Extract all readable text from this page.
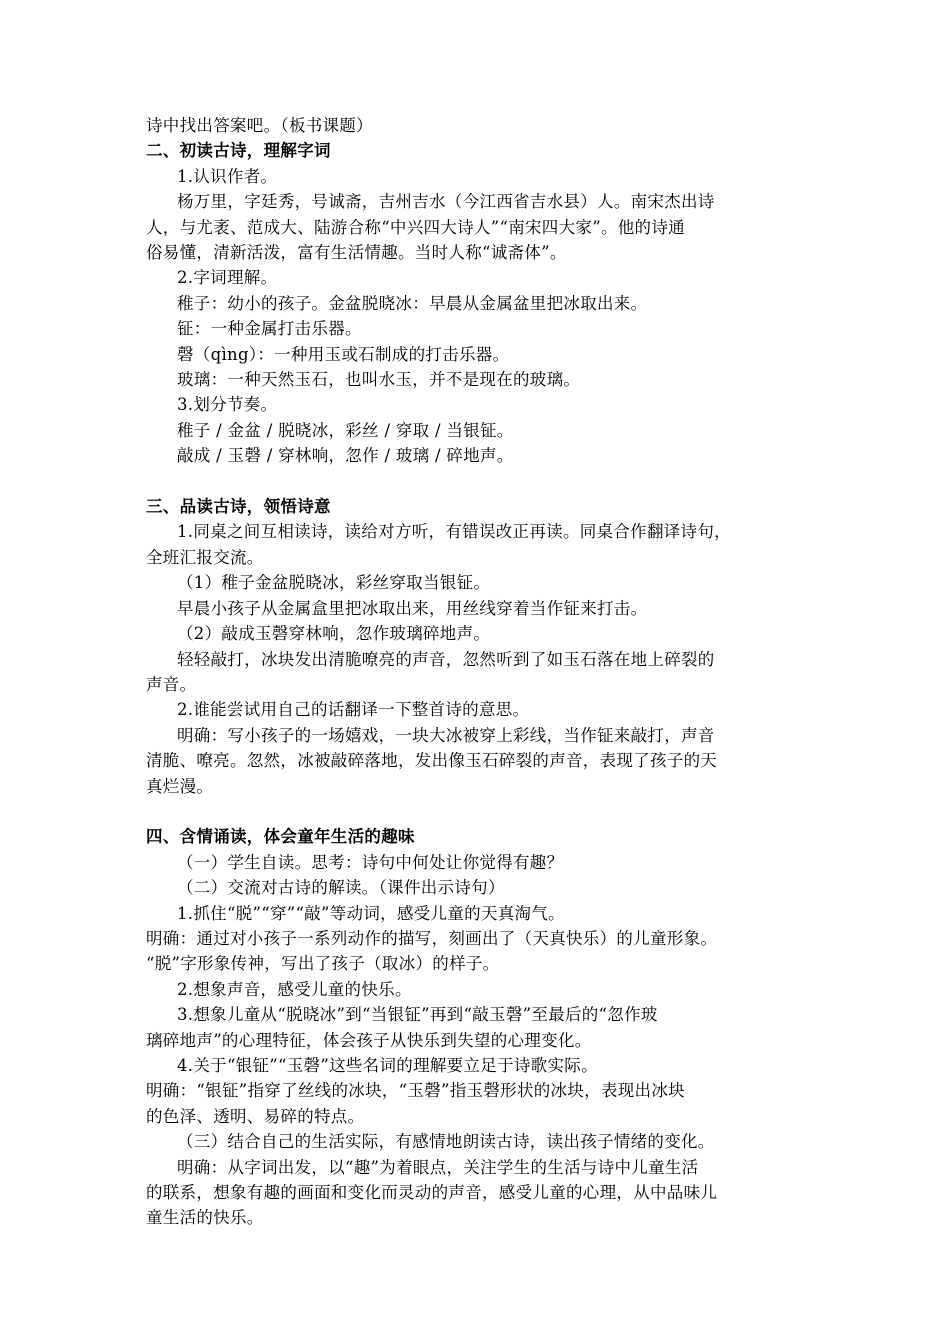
诗中找出答案吧。（板书课题）
二、初读古诗，理解字词
1.认识作者。
杨万里，字廷秀，号诚斋，吉州吉水（今江西省吉水县）人。南宋杰出诗
人，与尤袤、范成大、陆游合称“中兴四大诗人”“南宋四大家”。他的诗通
俗易懂，清新活泼，富有生活情趣。当时人称“诚斋体”。
2.字词理解。
稚子：幼小的孩子。金盆脱晓冰：早晨从金属盆里把冰取出来。
钲：一种金属打击乐器。
磬（qìng）：一种用玉或石制成的打击乐器。
玻璃：一种天然玉石，也叫水玉，并不是现在的玻璃。
3.划分节奏。
稚子 / 金盆 / 脱晓冰，彩丝 / 穿取 / 当银钲。
敲成 / 玉磬 / 穿林响，忽作 / 玻璃 / 碎地声。
三、品读古诗，领悟诗意
1.同桌之间互相读诗，读给对方听，有错误改正再读。同桌合作翻译诗句，
全班汇报交流。
（1）稚子金盆脱晓冰，彩丝穿取当银钲。
早晨小孩子从金属盒里把冰取出来，用丝线穿着当作钲来打击。
（2）敲成玉磬穿林响，忽作玻璃碎地声。
轻轻敲打，冰块发出清脆嘹亮的声音，忽然听到了如玉石落在地上碎裂的
声音。
2.谁能尝试用自己的话翻译一下整首诗的意思。
明确：写小孩子的一场嬉戏，一块大冰被穿上彩线，当作钲来敲打，声音
清脆、嘹亮。忽然，冰被敲碎落地，发出像玉石碎裂的声音，表现了孩子的天
真烂漫。
四、含情诵读，体会童年生活的趣味
（一）学生自读。思考：诗句中何处让你觉得有趣？
（二）交流对古诗的解读。（课件出示诗句）
1.抓住“脱”“穿”“敲”等动词，感受儿童的天真淘气。
明确：通过对小孩子一系列动作的描写，刻画出了（天真快乐）的儿童形象。
“脱”字形象传神，写出了孩子（取冰）的样子。
2.想象声音，感受儿童的快乐。
3.想象儿童从“脱晓冰”到“当银钲”再到“敲玉磬”至最后的“忽作玻
璃碎地声”的心理特征，体会孩子从快乐到失望的心理变化。
4.关于“银钲”“玉磬”这些名词的理解要立足于诗歌实际。
明确：“银钲”指穿了丝线的冰块，“玉磬”指玉磬形状的冰块，表现出冰块
的色泽、透明、易碎的特点。
（三）结合自己的生活实际，有感情地朗读古诗，读出孩子情绪的变化。
明确：从字词出发，以“趣”为着眼点，关注学生的生活与诗中儿童生活
的联系，想象有趣的画面和变化而灵动的声音，感受儿童的心理，从中品味儿
童生活的快乐。
